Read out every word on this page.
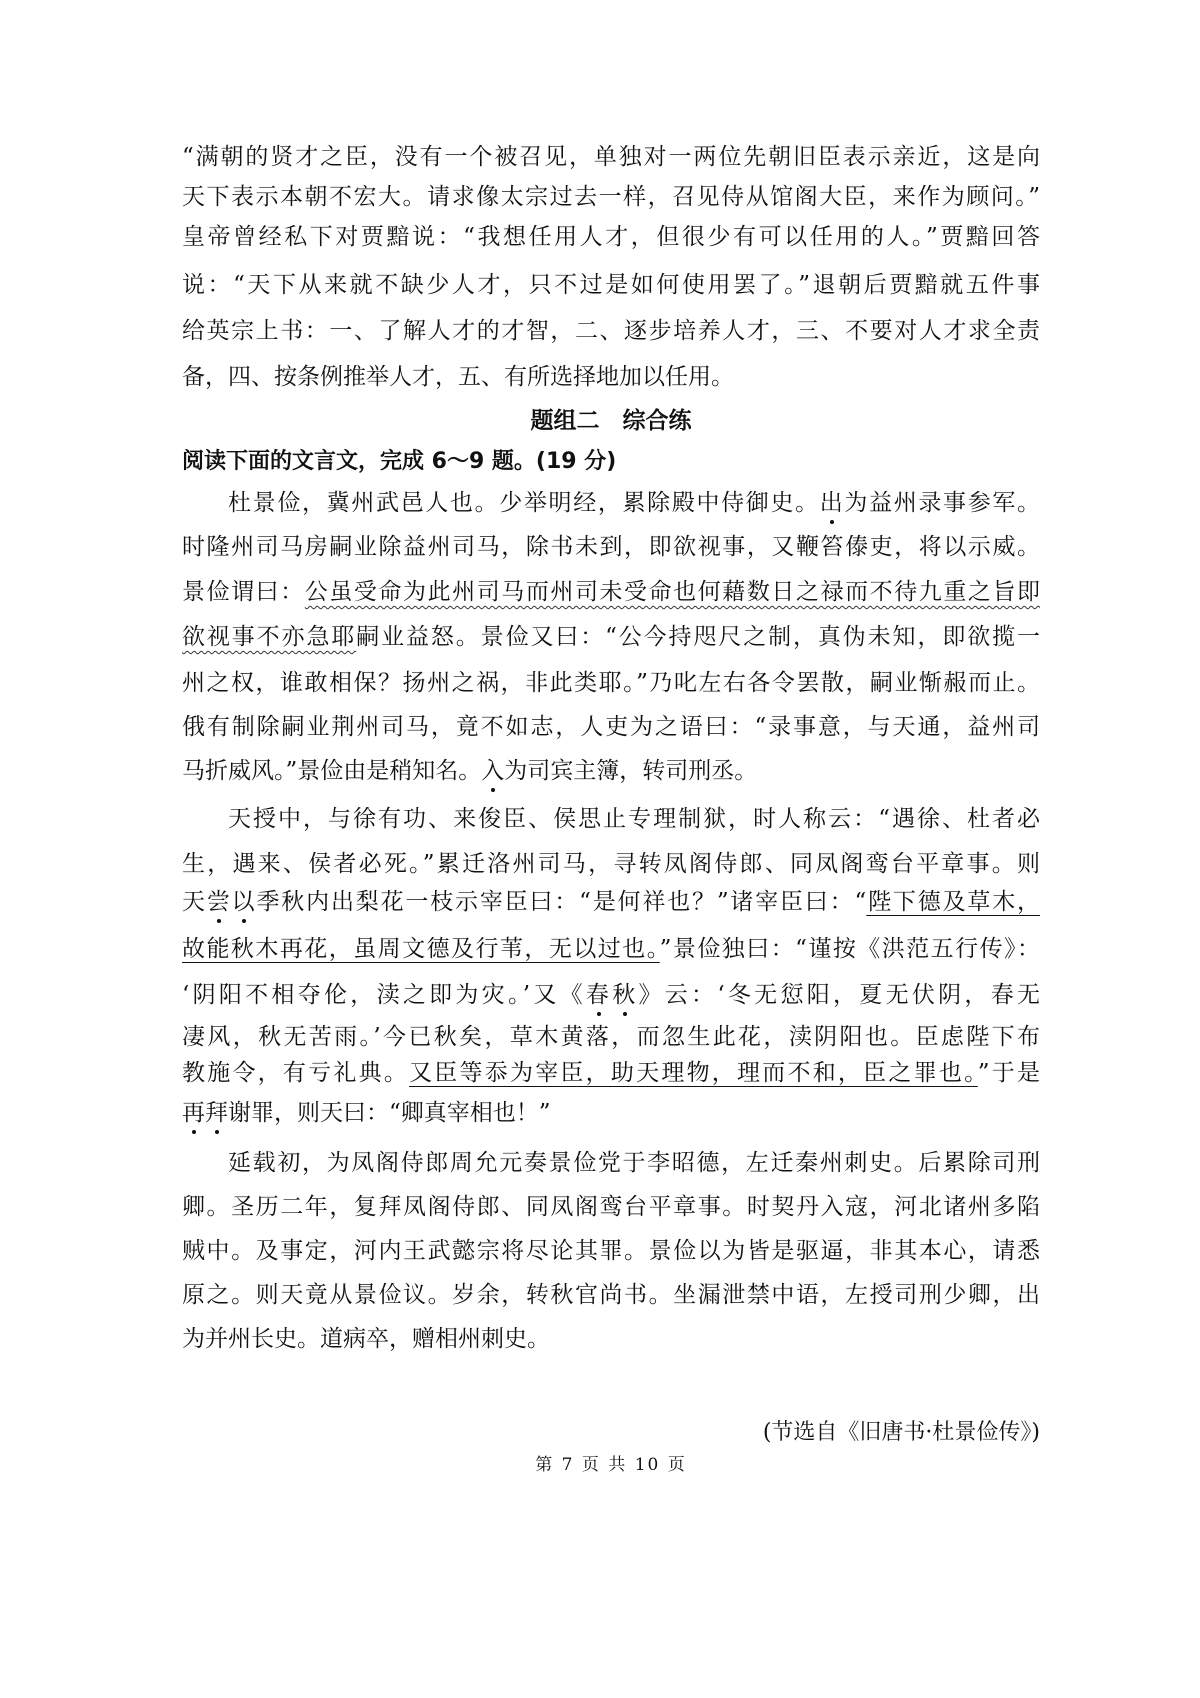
“满朝的贤才之臣，没有一个被召见，单独对一两位先朝旧臣表示亲近，这是向
天下表示本朝不宏大。请求像太宗过去一样，召见侍从馆阁大臣，来作为顾问。”
皇帝曾经私下对贾黯说：“我想任用人才，但很少有可以任用的人。”贾黯回答
说：“天下从来就不缺少人才，只不过是如何使用罢了。”退朝后贾黯就五件事
给英宗上书：一、了解人才的才智，二、逐步培养人才，三、不要对人才求全责
备，四、按条例推举人才，五、有所选择地加以任用。
题组二　综合练
阅读下面的文言文，完成 6～9 题。(19 分)
杜景俭，冀州武邑人也。少举明经，累除殿中侍御史。出为益州录事参军。
时隆州司马房嗣业除益州司马，除书未到，即欲视事，又鞭笞傣吏，将以示威。
景俭谓曰：公虽受命为此州司马而州司未受命也何藉数日之禄而不待九重之旨即
欲视事不亦急耶嗣业益怒。景俭又曰：“公今持咫尺之制，真伪未知，即欲揽一
州之权，谁敢相保？扬州之祸，非此类耶。”乃叱左右各令罢散，嗣业惭赧而止。
俄有制除嗣业荆州司马，竟不如志，人吏为之语曰：“录事意，与天通，益州司
马折威风。”景俭由是稍知名。入为司宾主簿，转司刑丞。
天授中，与徐有功、来俊臣、侯思止专理制狱，时人称云：“遇徐、杜者必
生，遇来、侯者必死。”累迁洛州司马，寻转凤阁侍郎、同凤阁鸾台平章事。则
天尝以季秋内出梨花一枝示宰臣曰：“是何祥也？”诸宰臣曰：“陛下德及草木，
故能秋木再花，虽周文德及行苇，无以过也。”景俭独曰：“谨按《洪范五行传》：
‘阴阳不相夺伦，渎之即为灾。’又《春秋》云：‘冬无愆阳，夏无伏阴，春无
凄风，秋无苦雨。’今已秋矣，草木黄落，而忽生此花，渎阴阳也。臣虑陛下布
教施令，有亏礼典。又臣等忝为宰臣，助天理物，理而不和，臣之罪也。”于是
再拜谢罪，则天曰：“卿真宰相也！”
延载初，为凤阁侍郎周允元奏景俭党于李昭德，左迁秦州刺史。后累除司刑
卿。圣历二年，复拜凤阁侍郎、同凤阁鸾台平章事。时契丹入寇，河北诸州多陷
贼中。及事定，河内王武懿宗将尽论其罪。景俭以为皆是驱逼，非其本心，请悉
原之。则天竟从景俭议。岁余，转秋官尚书。坐漏泄禁中语，左授司刑少卿，出
为并州长史。道病卒，赠相州刺史。
(节选自《旧唐书·杜景俭传》)
第 7 页 共 10 页
